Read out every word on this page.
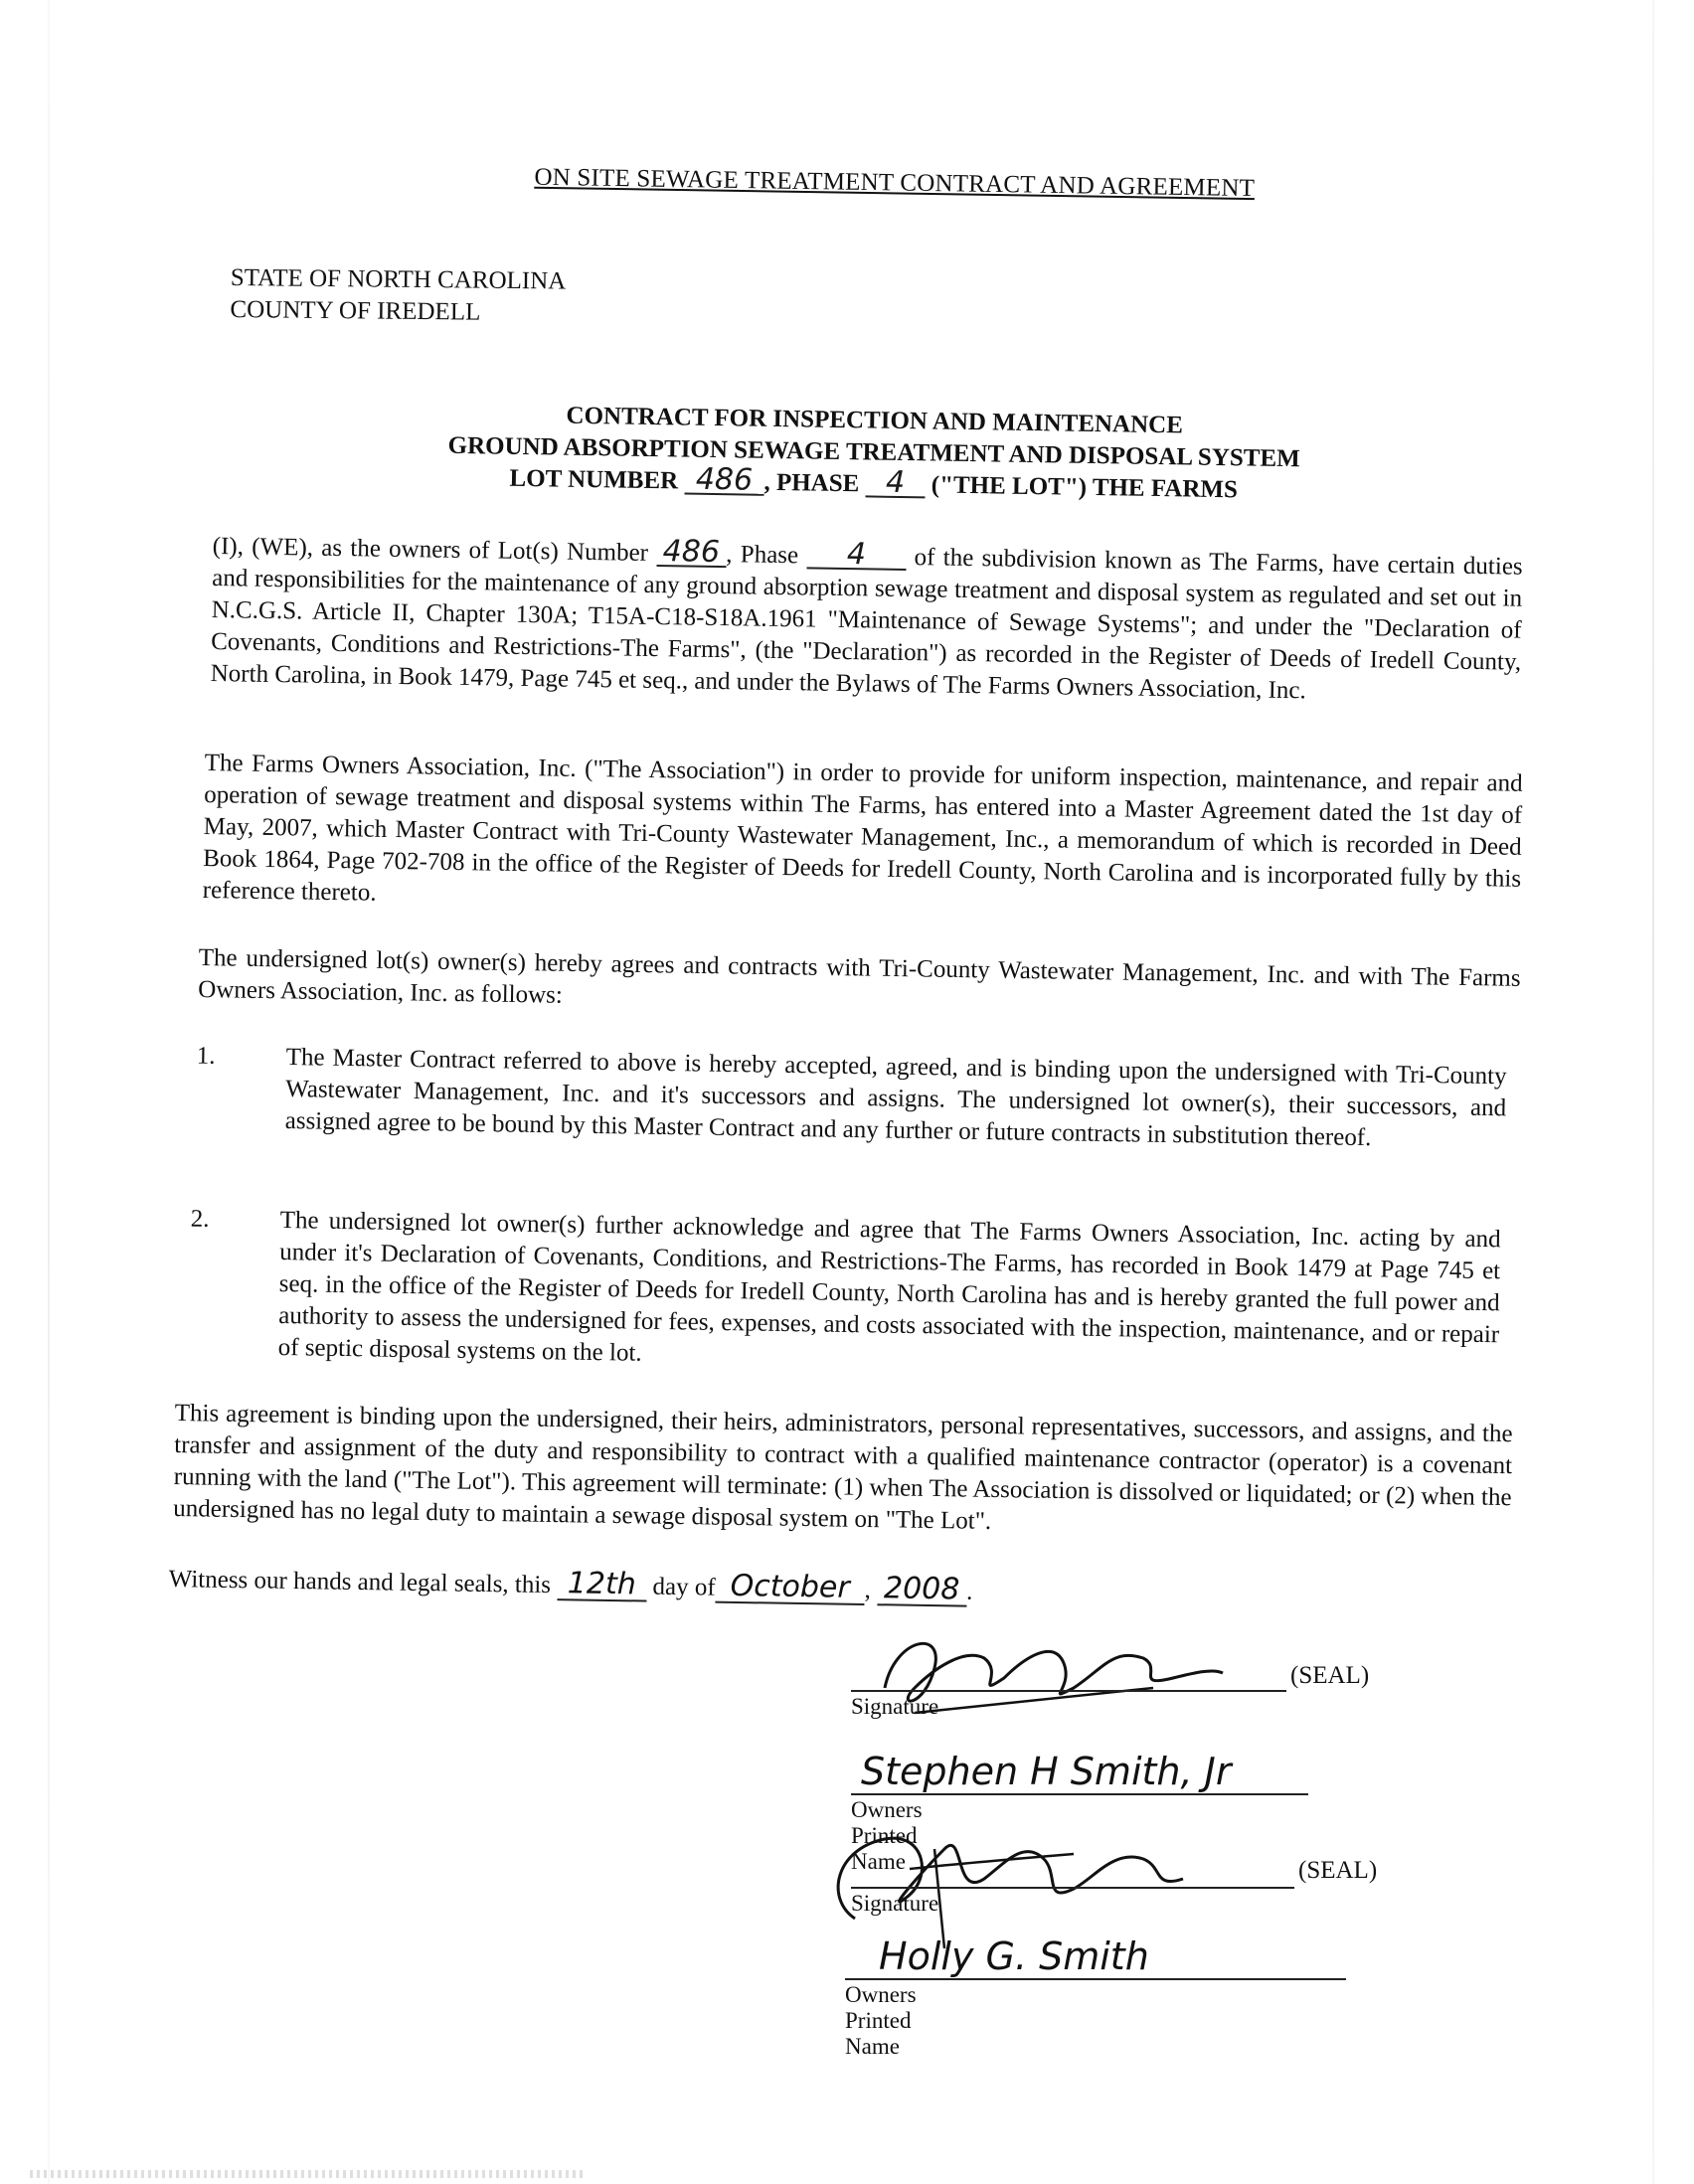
ON SITE SEWAGE TREATMENT CONTRACT AND AGREEMENT
STATE OF NORTH CAROLINA
COUNTY OF IREDELL
CONTRACT FOR INSPECTION AND MAINTENANCE
GROUND ABSORPTION SEWAGE TREATMENT AND DISPOSAL SYSTEM
LOT NUMBER 486 , PHASE 4 ("THE LOT") THE FARMS
(I), (WE), as the owners of Lot(s) Number 486 , Phase 4 of the subdivision known as The Farms, have certain duties and responsibilities for the maintenance of any ground absorption sewage treatment and disposal system as regulated and set out in N.C.G.S. Article II, Chapter 130A; T15A-C18-S18A.1961 "Maintenance of Sewage Systems"; and under the "Declaration of Covenants, Conditions and Restrictions-The Farms", (the "Declaration") as recorded in the Register of Deeds of Iredell County, North Carolina, in Book 1479, Page 745 et seq., and under the Bylaws of The Farms Owners Association, Inc.
The Farms Owners Association, Inc. ("The Association") in order to provide for uniform inspection, maintenance, and repair and operation of sewage treatment and disposal systems within The Farms, has entered into a Master Agreement dated the 1st day of May, 2007, which Master Contract with Tri-County Wastewater Management, Inc., a memorandum of which is recorded in Deed Book 1864, Page 702-708 in the office of the Register of Deeds for Iredell County, North Carolina and is incorporated fully by this reference thereto.
The undersigned lot(s) owner(s) hereby agrees and contracts with Tri-County Wastewater Management, Inc. and with The Farms Owners Association, Inc. as follows:
1.	The Master Contract referred to above is hereby accepted, agreed, and is binding upon the undersigned with Tri-County Wastewater Management, Inc. and it's successors and assigns. The undersigned lot owner(s), their successors, and assigned agree to be bound by this Master Contract and any further or future contracts in substitution thereof.
2.	The undersigned lot owner(s) further acknowledge and agree that The Farms Owners Association, Inc. acting by and under it's Declaration of Covenants, Conditions, and Restrictions-The Farms, has recorded in Book 1479 at Page 745 et seq. in the office of the Register of Deeds for Iredell County, North Carolina has and is hereby granted the full power and authority to assess the undersigned for fees, expenses, and costs associated with the inspection, maintenance, and or repair of septic disposal systems on the lot.
This agreement is binding upon the undersigned, their heirs, administrators, personal representatives, successors, and assigns, and the transfer and assignment of the duty and responsibility to contract with a qualified maintenance contractor (operator) is a covenant running with the land ("The Lot"). This agreement will terminate: (1) when The Association is dissolved or liquidated; or (2) when the undersigned has no legal duty to maintain a sewage disposal system on "The Lot".
Witness our hands and legal seals, this 12th day of October , 2008 .
Signature
(SEAL)
Stephen H Smith, Jr
Owners Printed Name
Signature
(SEAL)
Holly G. Smith
Owners Printed Name
